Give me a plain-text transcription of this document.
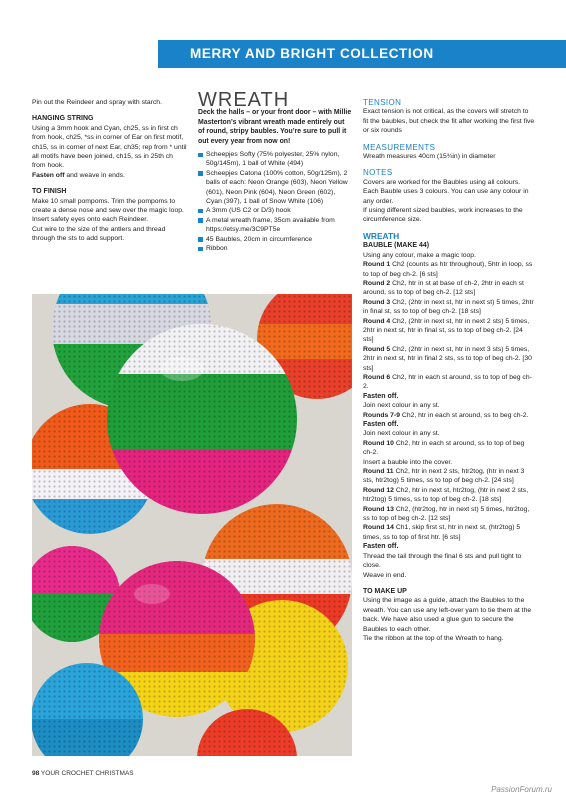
MERRY AND BRIGHT COLLECTION

Pin out the Reindeer and spray with starch.

HANGING STRING

Using a 3mm hook and Cyan, ch25, ss in first ch from hook, ch25, *ss in corner of Ear on first motif, ch15, ss in corner of next Ear, ch35; rep from * until all motifs have been joined, ch15, ss in 25th ch from hook.

Fasten off and weave in ends.

TO FINISH

Make 10 small pompoms. Trim the pompoms to create a dense nose and sew over the magic loop.

Insert safety eyes onto each Reindeer.

Cut wire to the size of the antlers and thread through the sts to add support.

WREATH

Deck the halls – or your front door – with Millie Masterton’s vibrant wreath made entirely out of round, stripy baubles. You’re sure to pull it out every year from now on!

Scheepjes Softy (75% polyester, 25% nylon, 50g/145m), 1 ball of White (494)
Scheepjes Catona (100% cotton, 50g/125m), 2 balls of each: Neon Orange (603), Neon Yellow (601), Neon Pink (604), Neon Green (602), Cyan (397), 1 ball of Snow White (106)
A 3mm (US C2 or D/3) hook
A metal wreath frame, 35cm available from https://etsy.me/3C9PT5e
45 Baubles, 20cm in circumference
Ribbon

TENSION

Exact tension is not critical, as the covers will stretch to fit the baubles, but check the fit after working the first five or six rounds

MEASUREMENTS

Wreath measures 40cm (15¾in) in diameter

NOTES

Covers are worked for the Baubles using all colours. Each Bauble uses 3 colours. You can use any colour in any order.

If using different sized baubles, work increases to the circumference size.

WREATH

BAUBLE (MAKE 44)

Using any colour, make a magic loop.

Round 1 Ch2 (counts as htr throughout), 5htr in loop, ss to top of beg ch-2. [6 sts]

Round 2 Ch2, htr in st at base of ch-2, 2htr in each st around, ss to top of beg ch-2. [12 sts]

Round 3 Ch2, (2htr in next st, htr in next st) 5 times, 2htr in final st, ss to top of beg ch-2. [18 sts]

Round 4 Ch2, (2htr in next st, htr in next 2 sts) 5 times, 2htr in next st, htr in final st, ss to top of beg ch-2. [24 sts]

Round 5 Ch2, (2htr in next st, htr in next 3 sts) 5 times, 2htr in next st, htr in final 2 sts, ss to top of beg ch-2. [30 sts]

Round 6 Ch2, htr in each st around, ss to top of beg ch-2.

Fasten off.

Join next colour in any st.

Rounds 7-9 Ch2, htr in each st around, ss to beg ch-2.

Fasten off.

Join next colour in any st.

Round 10 Ch2, htr in each st around, ss to top of beg ch-2.

Insert a bauble into the cover.

Round 11 Ch2, htr in next 2 sts, htr2tog, (htr in next 3 sts, htr2tog) 5 times, ss to top of beg ch-2. [24 sts]

Round 12 Ch2, htr in next st, htr2tog, (htr in next 2 sts, htr2tog) 5 times, ss to top of beg ch-2. [18 sts]

Round 13 Ch2, (htr2tog, htr in next st) 5 times, htr2tog, ss to top of beg ch-2. [12 sts]

Round 14 Ch1, skip first st, htr in next st, (htr2tog) 5 times, ss to top of first htr. [6 sts]

Fasten off.

Thread the tail through the final 6 sts and pull tight to close.

Weave in end.

TO MAKE UP

Using the image as a guide, attach the Baubles to the wreath. You can use any left-over yarn to tie them at the back. We have also used a glue gun to secure the Baubles to each other.

Tie the ribbon at the top of the Wreath to hang.

98 YOUR CROCHET CHRISTMAS
PassionForum.ru
